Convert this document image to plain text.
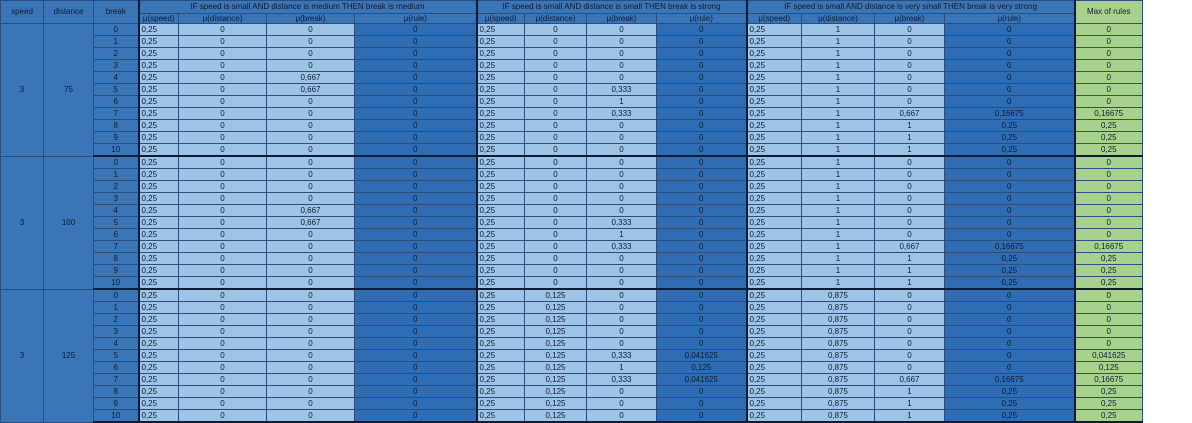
speed	distance	break	IF speed is small AND distance is medium THEN break is medium				IF speed is small AND distance is small THEN break is strong				IF speed is small AND distance is very small THEN break is very strong				Max of rules
			μ(speed)	μ(distance)	μ(break)	μ(rule)	μ(speed)	μ(distance)	μ(break)	μ(rule)	μ(speed)	μ(distance)	μ(break)	μ(rule)	
3	75	0	0,25	0	0	0	0,25	0	0	0	0,25	1	0	0	0
		1	0,25	0	0	0	0,25	0	0	0	0,25	1	0	0	0
		2	0,25	0	0	0	0,25	0	0	0	0,25	1	0	0	0
		3	0,25	0	0	0	0,25	0	0	0	0,25	1	0	0	0
		4	0,25	0	0,667	0	0,25	0	0	0	0,25	1	0	0	0
		5	0,25	0	0,667	0	0,25	0	0,333	0	0,25	1	0	0	0
		6	0,25	0	0	0	0,25	0	1	0	0,25	1	0	0	0
		7	0,25	0	0	0	0,25	0	0,333	0	0,25	1	0,667	0,16675	0,16675
		8	0,25	0	0	0	0,25	0	0	0	0,25	1	1	0,25	0,25
		9	0,25	0	0	0	0,25	0	0	0	0,25	1	1	0,25	0,25
		10	0,25	0	0	0	0,25	0	0	0	0,25	1	1	0,25	0,25
3	100	0	0,25	0	0	0	0,25	0	0	0	0,25	1	0	0	0
		1	0,25	0	0	0	0,25	0	0	0	0,25	1	0	0	0
		2	0,25	0	0	0	0,25	0	0	0	0,25	1	0	0	0
		3	0,25	0	0	0	0,25	0	0	0	0,25	1	0	0	0
		4	0,25	0	0,667	0	0,25	0	0	0	0,25	1	0	0	0
		5	0,25	0	0,667	0	0,25	0	0,333	0	0,25	1	0	0	0
		6	0,25	0	0	0	0,25	0	1	0	0,25	1	0	0	0
		7	0,25	0	0	0	0,25	0	0,333	0	0,25	1	0,667	0,16675	0,16675
		8	0,25	0	0	0	0,25	0	0	0	0,25	1	1	0,25	0,25
		9	0,25	0	0	0	0,25	0	0	0	0,25	1	1	0,25	0,25
		10	0,25	0	0	0	0,25	0	0	0	0,25	1	1	0,25	0,25
3	125	0	0,25	0	0	0	0,25	0,125	0	0	0,25	0,875	0	0	0
		1	0,25	0	0	0	0,25	0,125	0	0	0,25	0,875	0	0	0
		2	0,25	0	0	0	0,25	0,125	0	0	0,25	0,875	0	0	0
		3	0,25	0	0	0	0,25	0,125	0	0	0,25	0,875	0	0	0
		4	0,25	0	0	0	0,25	0,125	0	0	0,25	0,875	0	0	0
		5	0,25	0	0	0	0,25	0,125	0,333	0,041625	0,25	0,875	0	0	0,041625
		6	0,25	0	0	0	0,25	0,125	1	0,125	0,25	0,875	0	0	0,125
		7	0,25	0	0	0	0,25	0,125	0,333	0,041625	0,25	0,875	0,667	0,16675	0,16675
		8	0,25	0	0	0	0,25	0,125	0	0	0,25	0,875	1	0,25	0,25
		9	0,25	0	0	0	0,25	0,125	0	0	0,25	0,875	1	0,25	0,25
		10	0,25	0	0	0	0,25	0,125	0	0	0,25	0,875	1	0,25	0,25
